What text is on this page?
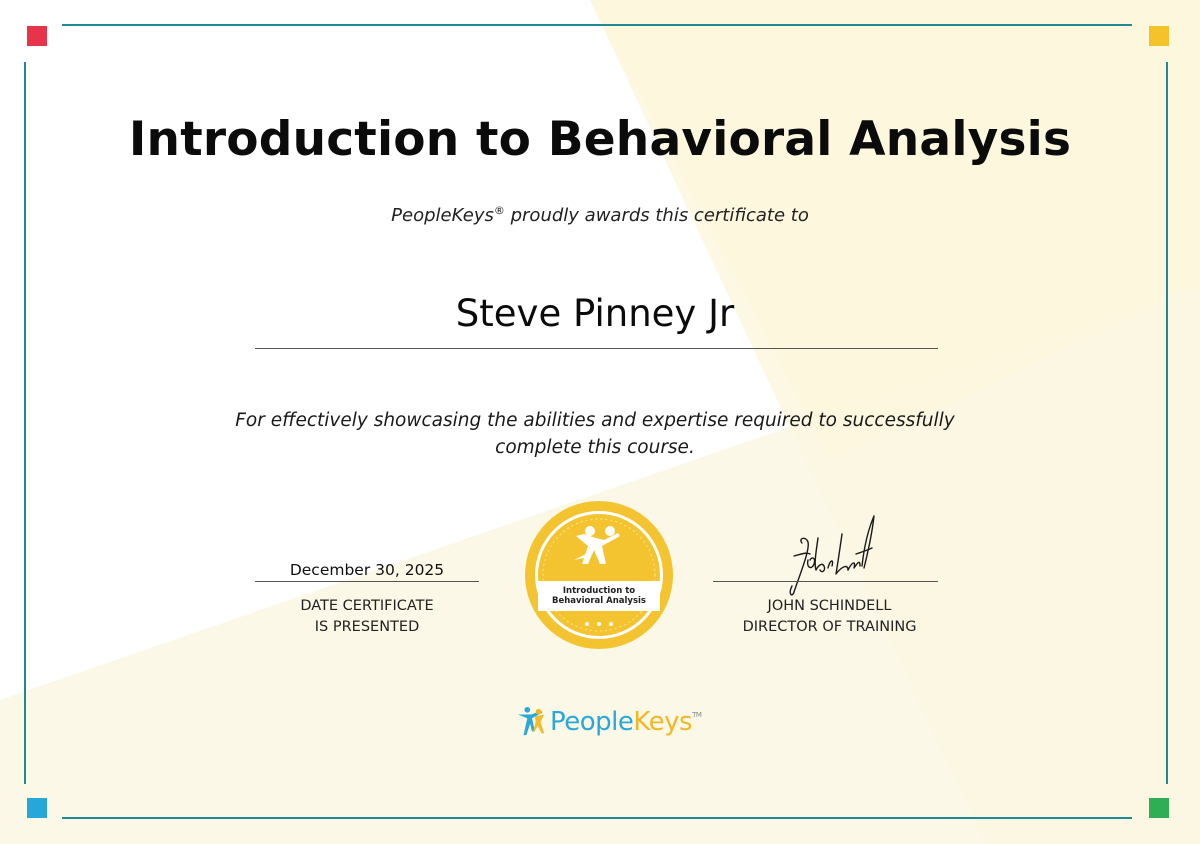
Introduction to Behavioral Analysis
PeopleKeys® proudly awards this certificate to
Steve Pinney Jr
For effectively showcasing the abilities and expertise required to successfully
complete this course.
December 30, 2025
DATE CERTIFICATE
IS PRESENTED
Introduction to
Behavioral Analysis	JOHN SCHINDELL
DIRECTOR OF TRAINING
PeopleKeys™
